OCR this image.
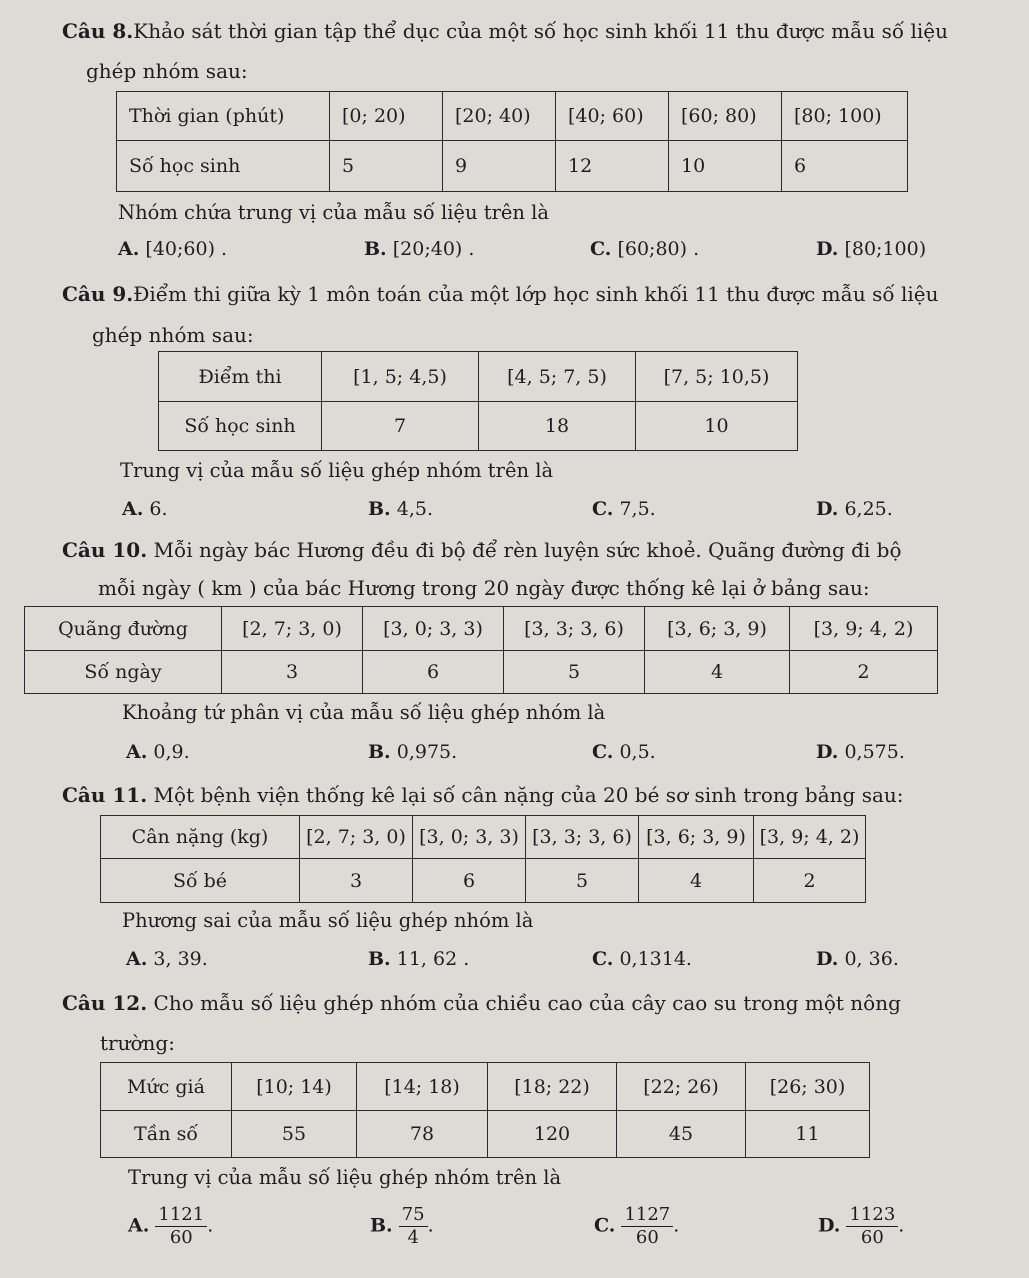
Câu 8.Khảo sát thời gian tập thể dục của một số học sinh khối 11 thu được mẫu số liệu
ghép nhóm sau:
Thời gian (phút)	[0; 20)	[20; 40)	[40; 60)	[60; 80)	[80; 100)
Số học sinh	5	9	12	10	6
Nhóm chứa trung vị của mẫu số liệu trên là
A. [40;60) .	B. [20;40) .	C. [60;80) .	D. [80;100)
Câu 9.Điểm thi giữa kỳ 1 môn toán của một lớp học sinh khối 11 thu được mẫu số liệu
ghép nhóm sau:
Điểm thi	[1, 5; 4,5)	[4, 5; 7, 5)	[7, 5; 10,5)
Số học sinh	7	18	10
Trung vị của mẫu số liệu ghép nhóm trên là
A. 6.	B. 4,5.	C. 7,5.	D. 6,25.
Câu 10. Mỗi ngày bác Hương đều đi bộ để rèn luyện sức khoẻ. Quãng đường đi bộ
mỗi ngày ( km ) của bác Hương trong 20 ngày được thống kê lại ở bảng sau:
Quãng đường	[2, 7; 3, 0)	[3, 0; 3, 3)	[3, 3; 3, 6)	[3, 6; 3, 9)	[3, 9; 4, 2)
Số ngày	3	6	5	4	2
Khoảng tứ phân vị của mẫu số liệu ghép nhóm là
A. 0,9.	B. 0,975.	C. 0,5.	D. 0,575.
Câu 11. Một bệnh viện thống kê lại số cân nặng của 20 bé sơ sinh trong bảng sau:
Cân nặng (kg)	[2, 7; 3, 0)	[3, 0; 3, 3)	[3, 3; 3, 6)	[3, 6; 3, 9)	[3, 9; 4, 2)
Số bé	3	6	5	4	2
Phương sai của mẫu số liệu ghép nhóm là
A. 3, 39.	B. 11, 62 .	C. 0,1314.	D. 0, 36.
Câu 12. Cho mẫu số liệu ghép nhóm của chiều cao của cây cao su trong một nông
trường:
Mức giá	[10; 14)	[14; 18)	[18; 22)	[22; 26)	[26; 30)
Tần số	55	78	120	45	11
Trung vị của mẫu số liệu ghép nhóm trên là
A. $\frac{1121}{60}$ .	B. $\frac{75}{4}$ .	C. $\frac{1127}{60}$ .	D. $\frac{1123}{60}$ .
